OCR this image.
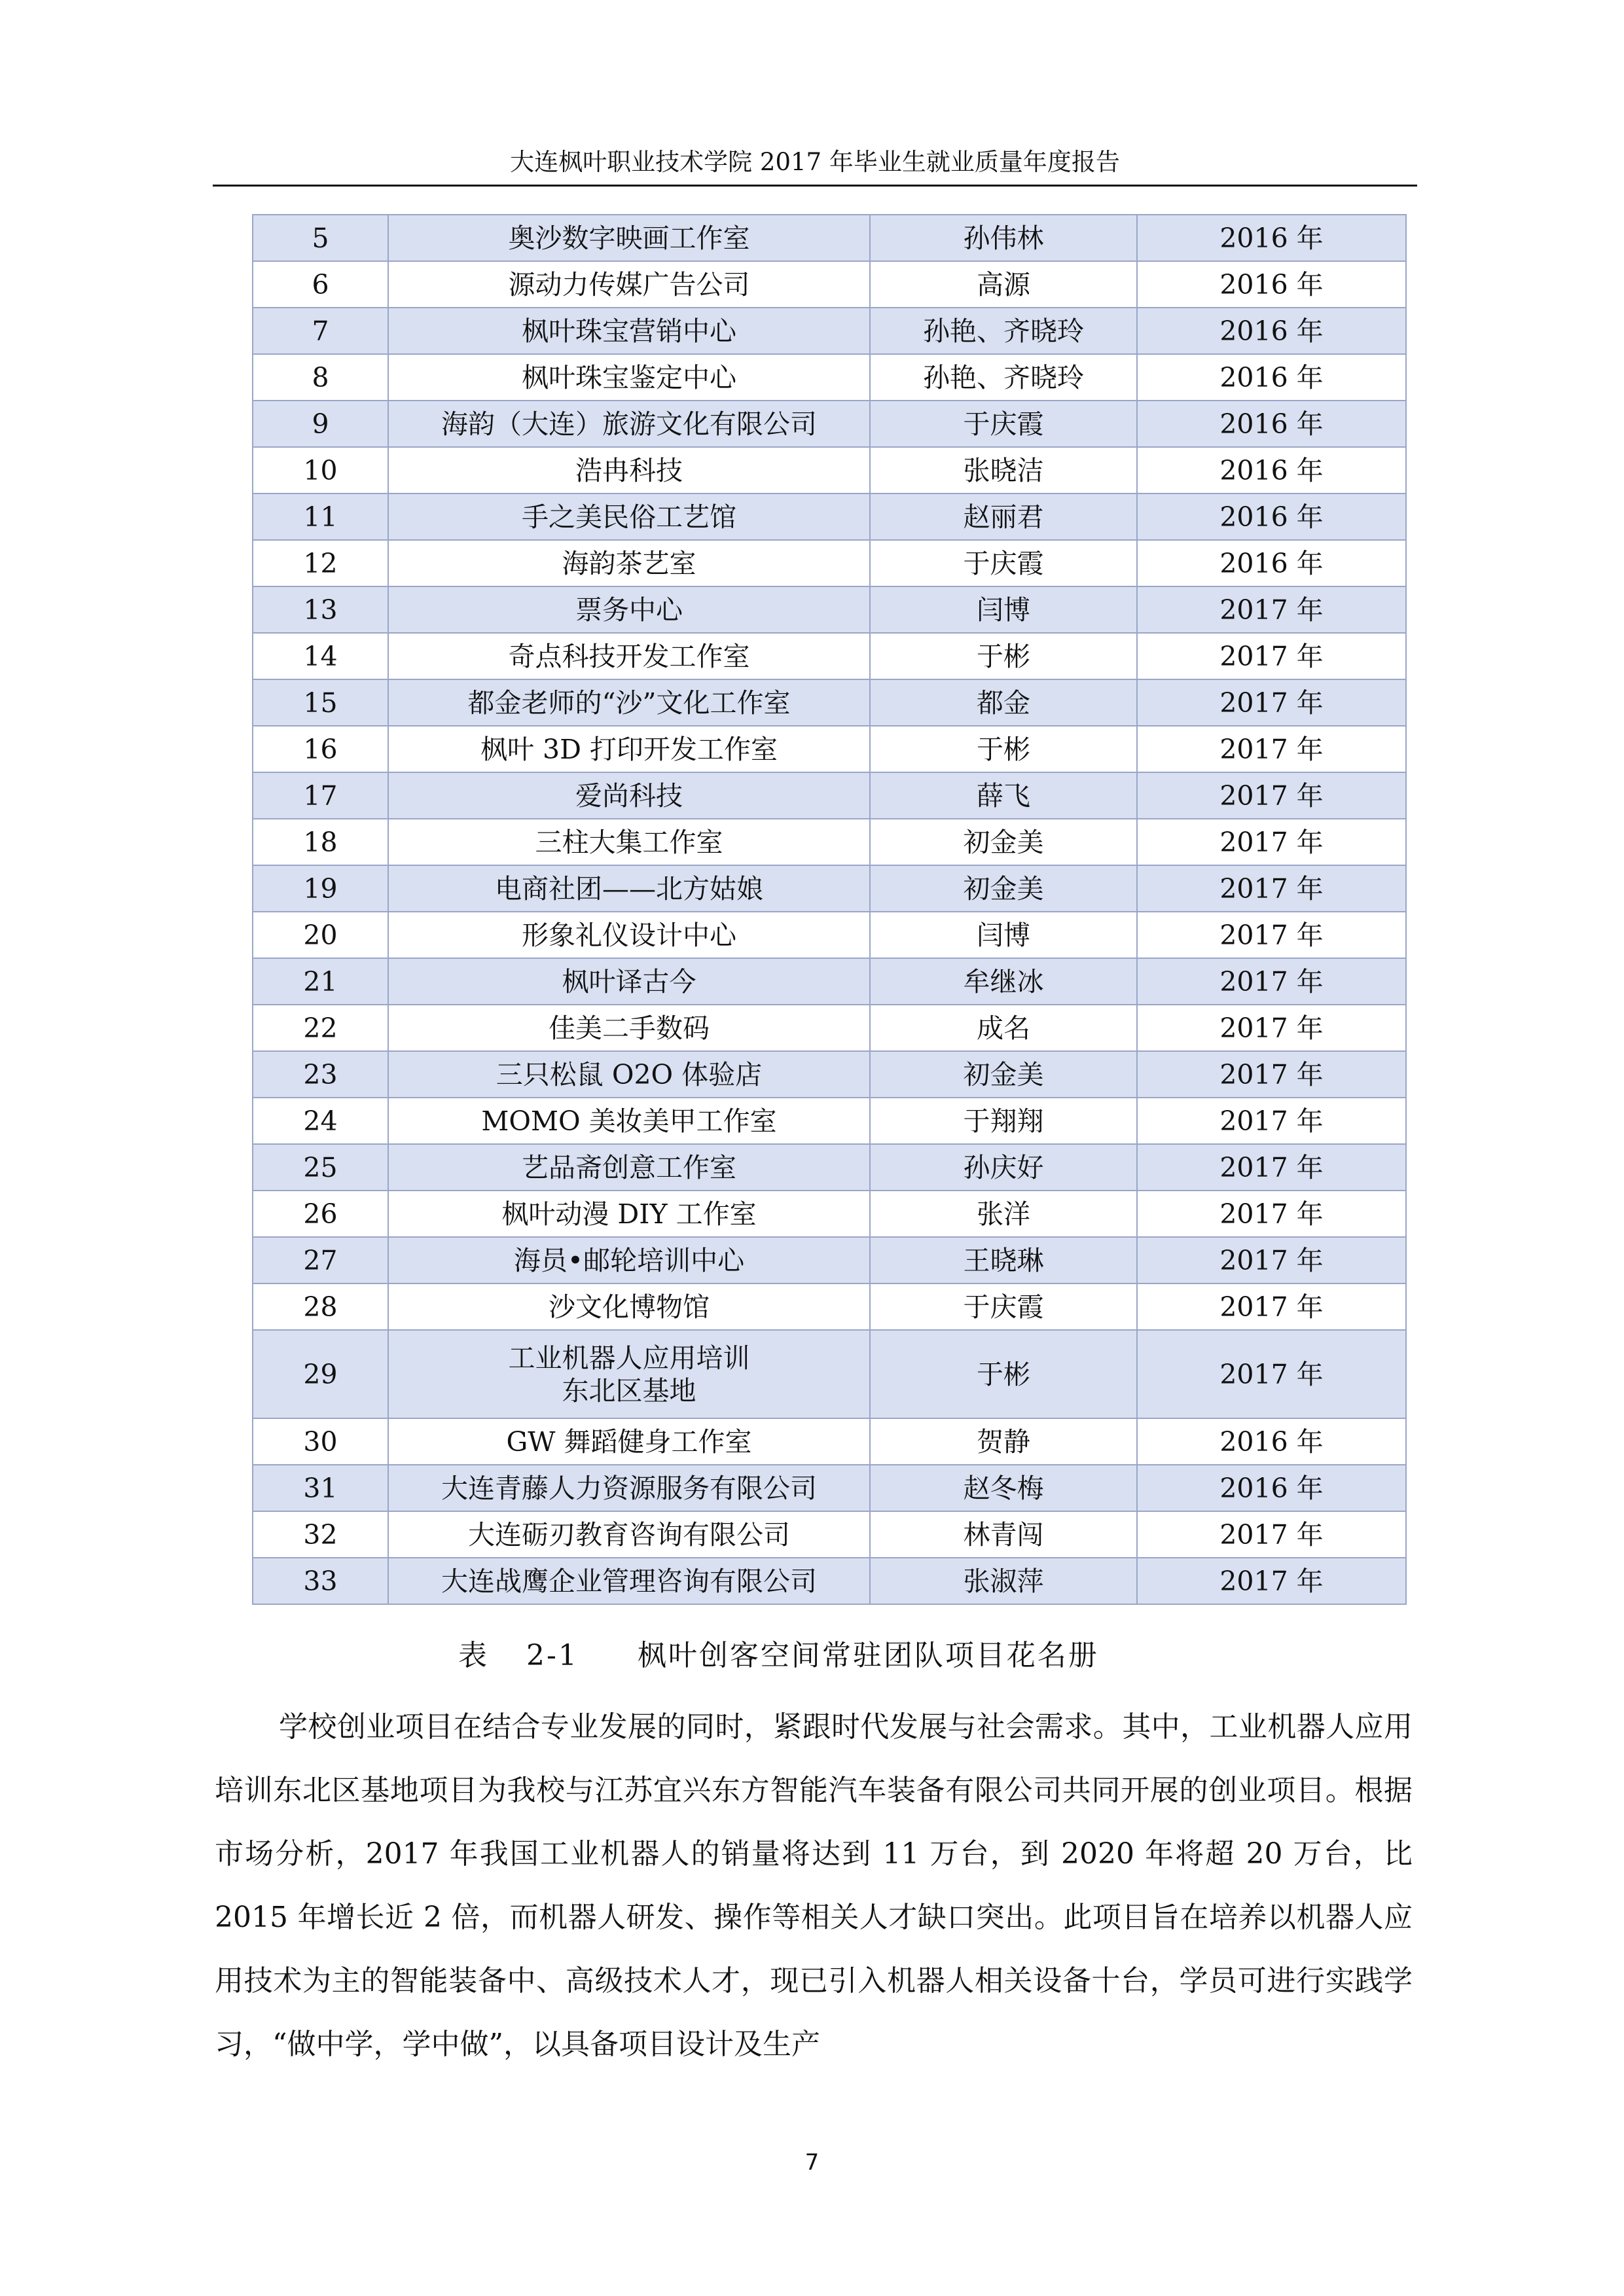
大连枫叶职业技术学院 2017 年毕业生就业质量年度报告
5	奥沙数字映画工作室	孙伟林	2016 年
6	源动力传媒广告公司	高源	2016 年
7	枫叶珠宝营销中心	孙艳、齐晓玲	2016 年
8	枫叶珠宝鉴定中心	孙艳、齐晓玲	2016 年
9	海韵（大连）旅游文化有限公司	于庆霞	2016 年
10	浩冉科技	张晓洁	2016 年
11	手之美民俗工艺馆	赵丽君	2016 年
12	海韵茶艺室	于庆霞	2016 年
13	票务中心	闫博	2017 年
14	奇点科技开发工作室	于彬	2017 年
15	都金老师的“沙”文化工作室	都金	2017 年
16	枫叶 3D 打印开发工作室	于彬	2017 年
17	爱尚科技	薛飞	2017 年
18	三柱大集工作室	初金美	2017 年
19	电商社团——北方姑娘	初金美	2017 年
20	形象礼仪设计中心	闫博	2017 年
21	枫叶译古今	牟继冰	2017 年
22	佳美二手数码	成名	2017 年
23	三只松鼠 O2O 体验店	初金美	2017 年
24	MOMO 美妆美甲工作室	于翔翔	2017 年
25	艺品斋创意工作室	孙庆好	2017 年
26	枫叶动漫 DIY 工作室	张洋	2017 年
27	海员•邮轮培训中心	王晓琳	2017 年
28	沙文化博物馆	于庆霞	2017 年
29	工业机器人应用培训
东北区基地	于彬	2017 年
30	GW 舞蹈健身工作室	贺静	2016 年
31	大连青藤人力资源服务有限公司	赵冬梅	2016 年
32	大连砺刃教育咨询有限公司	林青闯	2017 年
33	大连战鹰企业管理咨询有限公司	张淑萍	2017 年
表 2-1 枫叶创客空间常驻团队项目花名册

学校创业项目在结合专业发展的同时，紧跟时代发展与社会需求。其中，工业机器人应用培训东北区基地项目为我校与江苏宜兴东方智能汽车装备有限公司共同开展的创业项目。根据市场分析，2017 年我国工业机器人的销量将达到 11 万台，到 2020 年将超 20 万台，比 2015 年增长近 2 倍，而机器人研发、操作等相关人才缺口突出。此项目旨在培养以机器人应用技术为主的智能装备中、高级技术人才，现已引入机器人相关设备十台，学员可进行实践学习，“做中学，学中做”，以具备项目设计及生产

7
